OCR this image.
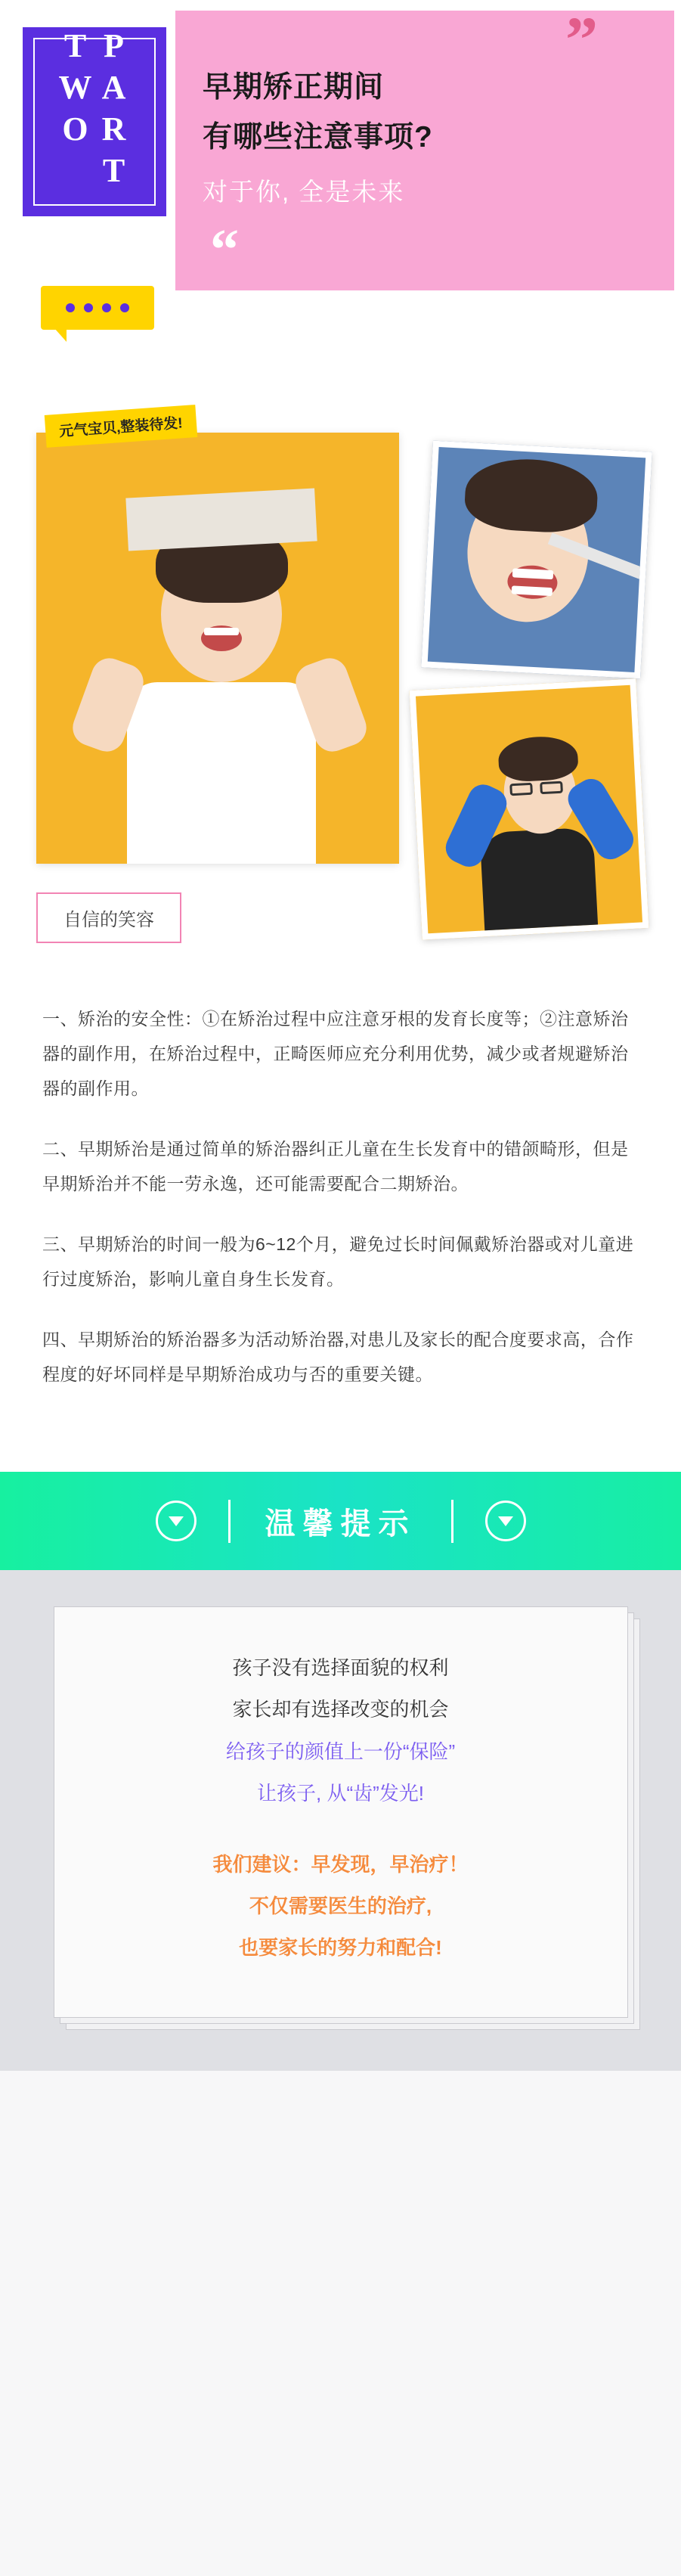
”
PART TWO	早期矫正期间
有哪些注意事项?
对于你, 全是未来
“
元气宝贝,整装待发!
自信的笑容

一、矫治的安全性：①在矫治过程中应注意牙根的发育长度等；②注意矫治器的副作用，在矫治过程中，正畸医师应充分利用优势，减少或者规避矫治器的副作用。

二、早期矫治是通过简单的矫治器纠正儿童在生长发育中的错颌畸形，但是早期矫治并不能一劳永逸，还可能需要配合二期矫治。

三、早期矫治的时间一般为6~12个月，避免过长时间佩戴矫治器或对儿童进行过度矫治，影响儿童自身生长发育。

四、早期矫治的矫治器多为活动矫治器,对患儿及家长的配合度要求高，合作程度的好坏同样是早期矫治成功与否的重要关键。

温馨提示

孩子没有选择面貌的权利

家长却有选择改变的机会

给孩子的颜值上一份“保险”

让孩子, 从“齿”发光!

我们建议：早发现，早治疗！

不仅需要医生的治疗,

也要家长的努力和配合!
